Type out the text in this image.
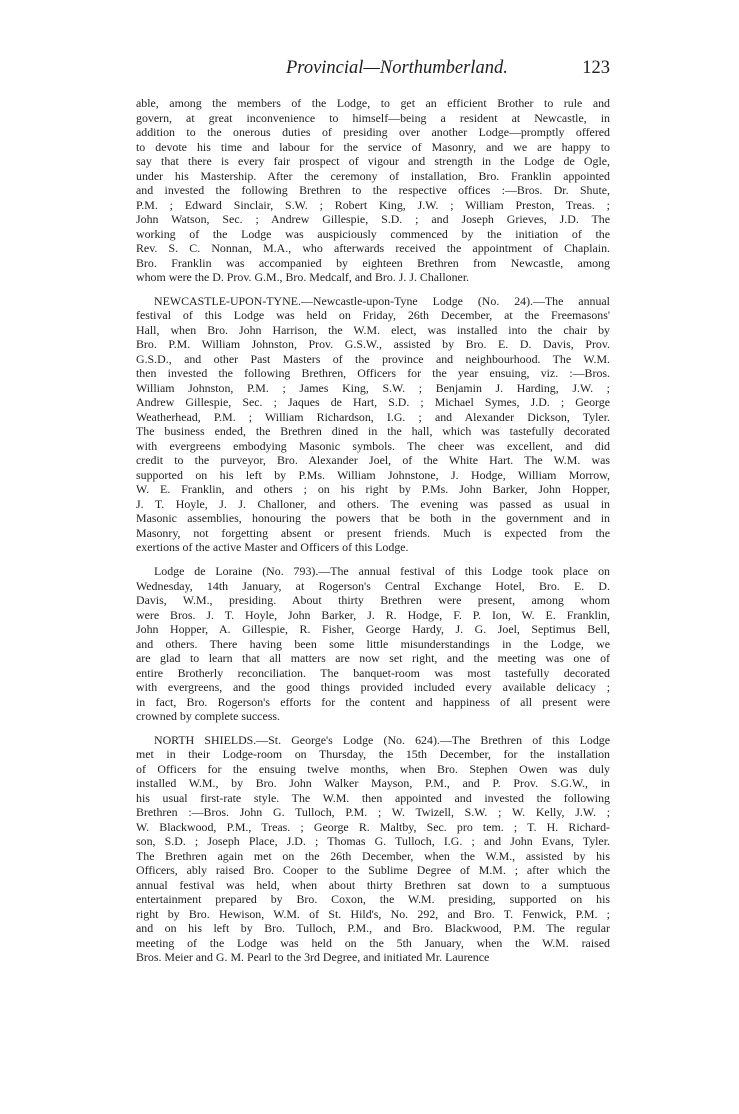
Provincial—Northumberland.	123
able, among the members of the Lodge, to get an efficient Brother to rule and
govern, at great inconvenience to himself—being a resident at Newcastle, in
addition to the onerous duties of presiding over another Lodge—promptly offered
to devote his time and labour for the service of Masonry, and we are happy to
say that there is every fair prospect of vigour and strength in the Lodge de Ogle,
under his Mastership. After the ceremony of installation, Bro. Franklin appointed
and invested the following Brethren to the respective offices :—Bros. Dr. Shute,
P.M. ; Edward Sinclair, S.W. ; Robert King, J.W. ; William Preston, Treas. ;
John Watson, Sec. ; Andrew Gillespie, S.D. ; and Joseph Grieves, J.D. The
working of the Lodge was auspiciously commenced by the initiation of the
Rev. S. C. Nonnan, M.A., who afterwards received the appointment of Chaplain.
Bro. Franklin was accompanied by eighteen Brethren from Newcastle, among
whom were the D. Prov. G.M., Bro. Medcalf, and Bro. J. J. Challoner.
NEWCASTLE-UPON-TYNE.—Newcastle-upon-Tyne Lodge (No. 24).—The annual
festival of this Lodge was held on Friday, 26th December, at the Freemasons'
Hall, when Bro. John Harrison, the W.M. elect, was installed into the chair by
Bro. P.M. William Johnston, Prov. G.S.W., assisted by Bro. E. D. Davis, Prov.
G.S.D., and other Past Masters of the province and neighbourhood. The W.M.
then invested the following Brethren, Officers for the year ensuing, viz. :—Bros.
William Johnston, P.M. ; James King, S.W. ; Benjamin J. Harding, J.W. ;
Andrew Gillespie, Sec. ; Jaques de Hart, S.D. ; Michael Symes, J.D. ; George
Weatherhead, P.M. ; William Richardson, I.G. ; and Alexander Dickson, Tyler.
The business ended, the Brethren dined in the hall, which was tastefully decorated
with evergreens embodying Masonic symbols. The cheer was excellent, and did
credit to the purveyor, Bro. Alexander Joel, of the White Hart. The W.M. was
supported on his left by P.Ms. William Johnstone, J. Hodge, William Morrow,
W. E. Franklin, and others ; on his right by P.Ms. John Barker, John Hopper,
J. T. Hoyle, J. J. Challoner, and others. The evening was passed as usual in
Masonic assemblies, honouring the powers that be both in the government and in
Masonry, not forgetting absent or present friends. Much is expected from the
exertions of the active Master and Officers of this Lodge.
Lodge de Loraine (No. 793).—The annual festival of this Lodge took place on
Wednesday, 14th January, at Rogerson's Central Exchange Hotel, Bro. E. D.
Davis, W.M., presiding. About thirty Brethren were present, among whom
were Bros. J. T. Hoyle, John Barker, J. R. Hodge, F. P. Ion, W. E. Franklin,
John Hopper, A. Gillespie, R. Fisher, George Hardy, J. G. Joel, Septimus Bell,
and others. There having been some little misunderstandings in the Lodge, we
are glad to learn that all matters are now set right, and the meeting was one of
entire Brotherly reconciliation. The banquet-room was most tastefully decorated
with evergreens, and the good things provided included every available delicacy ;
in fact, Bro. Rogerson's efforts for the content and happiness of all present were
crowned by complete success.
NORTH SHIELDS.—St. George's Lodge (No. 624).—The Brethren of this Lodge
met in their Lodge-room on Thursday, the 15th December, for the installation
of Officers for the ensuing twelve months, when Bro. Stephen Owen was duly
installed W.M., by Bro. John Walker Mayson, P.M., and P. Prov. S.G.W., in
his usual first-rate style. The W.M. then appointed and invested the following
Brethren :—Bros. John G. Tulloch, P.M. ; W. Twizell, S.W. ; W. Kelly, J.W. ;
W. Blackwood, P.M., Treas. ; George R. Maltby, Sec. pro tem. ; T. H. Richard-
son, S.D. ; Joseph Place, J.D. ; Thomas G. Tulloch, I.G. ; and John Evans, Tyler.
The Brethren again met on the 26th December, when the W.M., assisted by his
Officers, ably raised Bro. Cooper to the Sublime Degree of M.M. ; after which the
annual festival was held, when about thirty Brethren sat down to a sumptuous
entertainment prepared by Bro. Coxon, the W.M. presiding, supported on his
right by Bro. Hewison, W.M. of St. Hild's, No. 292, and Bro. T. Fenwick, P.M. ;
and on his left by Bro. Tulloch, P.M., and Bro. Blackwood, P.M. The regular
meeting of the Lodge was held on the 5th January, when the W.M. raised
Bros. Meier and G. M. Pearl to the 3rd Degree, and initiated Mr. Laurence
